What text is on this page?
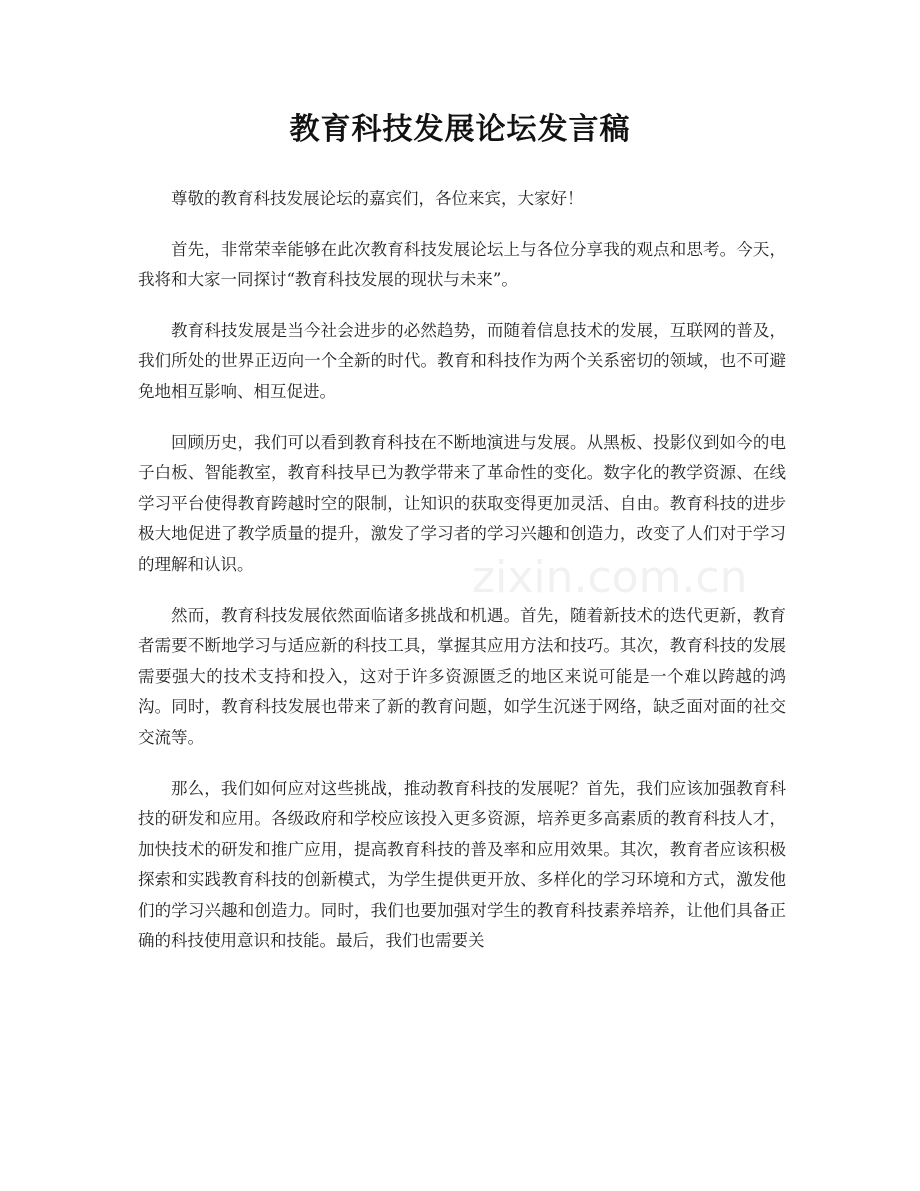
教育科技发展论坛发言稿

尊敬的教育科技发展论坛的嘉宾们，各位来宾，大家好！

首先，非常荣幸能够在此次教育科技发展论坛上与各位分享我的观点和思考。今天，我将和大家一同探讨“教育科技发展的现状与未来”。

教育科技发展是当今社会进步的必然趋势，而随着信息技术的发展，互联网的普及，我们所处的世界正迈向一个全新的时代。教育和科技作为两个关系密切的领域，也不可避免地相互影响、相互促进。

回顾历史，我们可以看到教育科技在不断地演进与发展。从黑板、投影仪到如今的电子白板、智能教室，教育科技早已为教学带来了革命性的变化。数字化的教学资源、在线学习平台使得教育跨越时空的限制，让知识的获取变得更加灵活、自由。教育科技的进步极大地促进了教学质量的提升，激发了学习者的学习兴趣和创造力，改变了人们对于学习的理解和认识。

然而，教育科技发展依然面临诸多挑战和机遇。首先，随着新技术的迭代更新，教育者需要不断地学习与适应新的科技工具，掌握其应用方法和技巧。其次，教育科技的发展需要强大的技术支持和投入，这对于许多资源匮乏的地区来说可能是一个难以跨越的鸿沟。同时，教育科技发展也带来了新的教育问题，如学生沉迷于网络，缺乏面对面的社交交流等。

那么，我们如何应对这些挑战，推动教育科技的发展呢？首先，我们应该加强教育科技的研发和应用。各级政府和学校应该投入更多资源，培养更多高素质的教育科技人才，加快技术的研发和推广应用，提高教育科技的普及率和应用效果。其次，教育者应该积极探索和实践教育科技的创新模式，为学生提供更开放、多样化的学习环境和方式，激发他们的学习兴趣和创造力。同时，我们也要加强对学生的教育科技素养培养，让他们具备正确的科技使用意识和技能。最后，我们也需要关

zixin.com.cn
